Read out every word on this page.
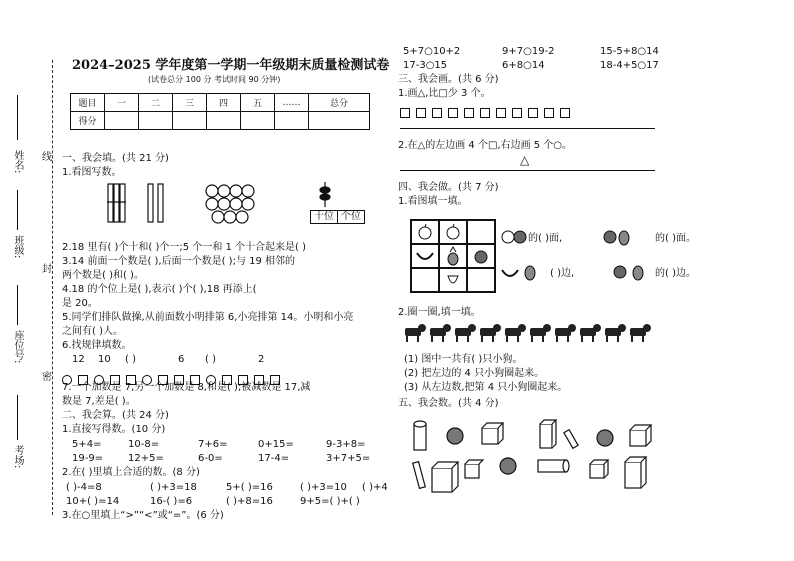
姓名:
班级:
座位号:
考场:
线
封
密
2024–2025 学年度第一学期一年级期末质量检测试卷
(试卷总分 100 分 考试时间 90 分钟)
题目	一	二	三	四	五	……	总分
得分							
一、我会填。(共 21 分)
1.看图写数。
十位 个位
2.18 里有( )个十和( )个一;5 个一和 1 个十合起来是( )
3.14 前面一个数是( ),后面一个数是( );与 19 相邻的
两个数是( )和( )。
4.18 的个位上是( ),表示( )个( ),18 再添上(
是 20。
5.同学们排队做操,从前面数小明排第 6,小亮排第 14。小明和小亮
之间有( )人。
6.找规律填数。
12 10 ( )	6 ( )	2
7.一个加数是 7,另一个加数是 8,和是( );被减数是 17,减
数是 7,差是( )。
二、我会算。(共 24 分)
1.直接写得数。(10 分)
5+4=	10-8=	7+6=	0+15=	9-3+8=
19-9= 12+5=	6-0=	17-4=	3+7+5=
2.在( )里填上合适的数。(8 分)
( )-4=8	( )+3=18	5+( )=16	( )+3=10 ( )+4
10+( )=14	16-( )=6	( )+8=16	9+5=( )+( )
3.在○里填上“>”“<”或“=”。(6 分)
5+7○10+2	9+7○19-2	15-5+8○14
17-3○15	6+8○14	18-4+5○17
三、我会画。(共 6 分)
1.画△,比□少 3 个。
2.在△的左边画 4 个□,右边画 5 个○。
△
四、我会做。(共 7 分)
1.看图填一填。
的( )面,	的( )面。
( )边,	的( )边。
2.圈一圈,填一填。
(1) 图中一共有( )只小狗。
(2) 把左边的 4 只小狗圈起来。
(3) 从左边数,把第 4 只小狗圈起来。
五、我会数。(共 4 分)
